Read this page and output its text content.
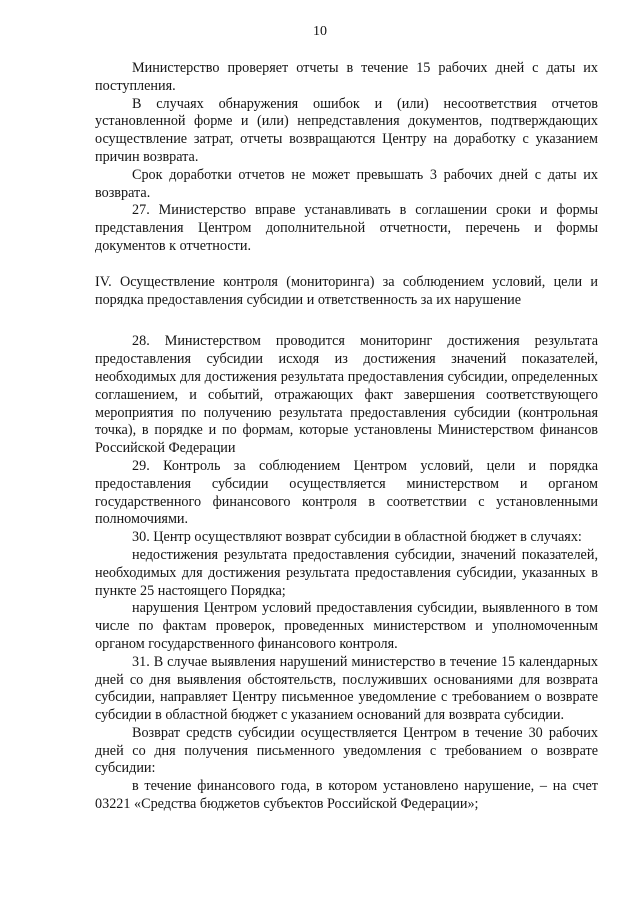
10

Министерство проверяет отчеты в течение 15 рабочих дней с даты их поступления.

В случаях обнаружения ошибок и (или) несоответствия отчетов установленной форме и (или) непредставления документов, подтверждающих осуществление затрат, отчеты возвращаются Центру на доработку с указанием причин возврата.

Срок доработки отчетов не может превышать 3 рабочих дней с даты их возврата.

27. Министерство вправе устанавливать в соглашении сроки и формы представления Центром дополнительной отчетности, перечень и формы документов к отчетности.

IV. Осуществление контроля (мониторинга) за соблюдением условий, цели и порядка предоставления субсидии и ответственность за их нарушение

28. Министерством проводится мониторинг достижения результата предоставления субсидии исходя из достижения значений показателей, необходимых для достижения результата предоставления субсидии, определенных соглашением, и событий, отражающих факт завершения соответствующего мероприятия по получению результата предоставления субсидии (контрольная точка), в порядке и по формам, которые установлены Министерством финансов Российской Федерации

29. Контроль за соблюдением Центром условий, цели и порядка предоставления субсидии осуществляется министерством и органом государственного финансового контроля в соответствии с установленными полномочиями.

30. Центр осуществляют возврат субсидии в областной бюджет в случаях:

недостижения результата предоставления субсидии, значений показателей, необходимых для достижения результата предоставления субсидии, указанных в пункте 25 настоящего Порядка;

нарушения Центром условий предоставления субсидии, выявленного в том числе по фактам проверок, проведенных министерством и уполномоченным органом государственного финансового контроля.

31. В случае выявления нарушений министерство в течение 15 календарных дней со дня выявления обстоятельств, послуживших основаниями для возврата субсидии, направляет Центру письменное уведомление с требованием о возврате субсидии в областной бюджет с указанием оснований для возврата субсидии.

Возврат средств субсидии осуществляется Центром в течение 30 рабочих дней со дня получения письменного уведомления с требованием о возврате субсидии:

в течение финансового года, в котором установлено нарушение, – на счет 03221 «Средства бюджетов субъектов Российской Федерации»;
